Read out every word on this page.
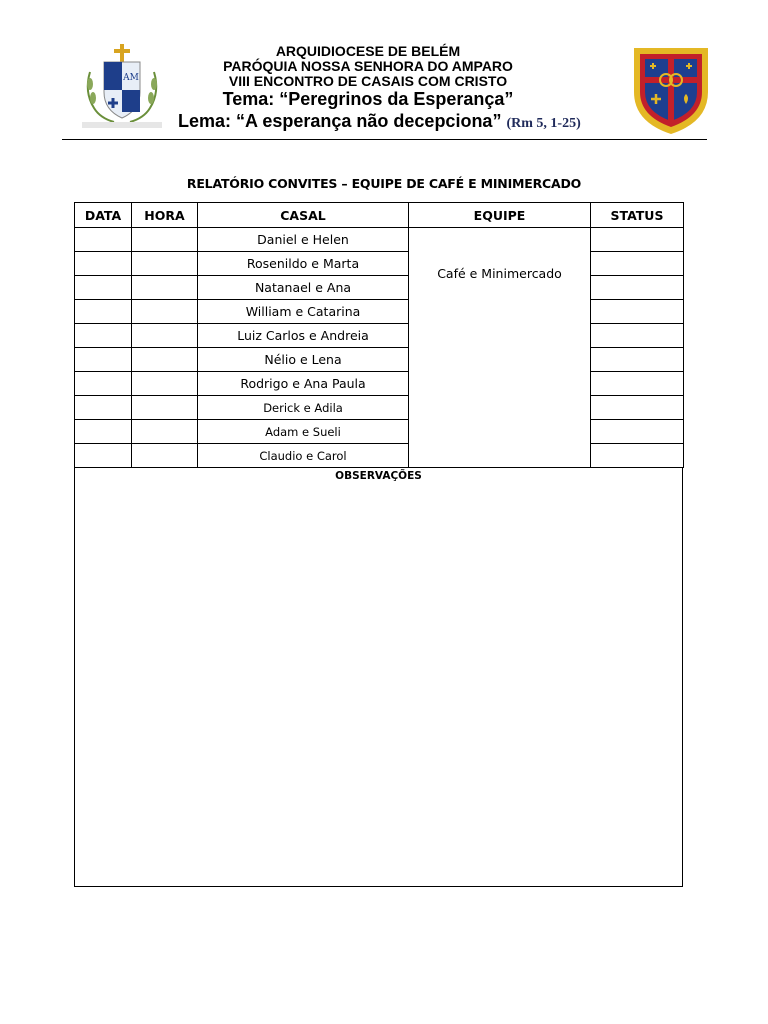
AM
ARQUIDIOCESE DE BELÉM
PARÓQUIA NOSSA SENHORA DO AMPARO
VIII ENCONTRO DE CASAIS COM CRISTO
Tema: “Peregrinos da Esperança”
Lema: “A esperança não decepciona” (Rm 5, 1-25)
RELATÓRIO CONVITES – EQUIPE DE CAFÉ E MINIMERCADO
DATA	HORA	CASAL	EQUIPE	STATUS
		Daniel e Helen	Café e Minimercado	

		Rosenildo e Marta		
		Natanael e Ana		
		William e Catarina		
		Luiz Carlos e Andreia		
		Nélio e Lena		
		Rodrigo e Ana Paula		
		Derick e Adila		
		Adam e Sueli		
		Claudio e Carol		
OBSERVAÇÕES
